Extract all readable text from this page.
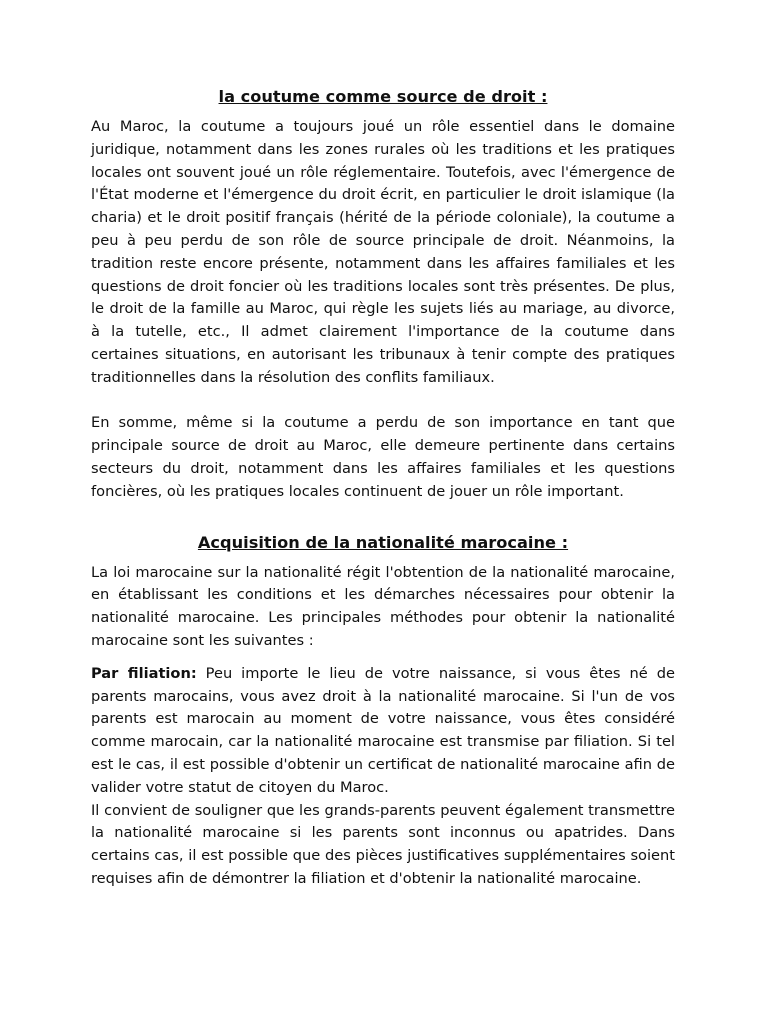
la coutume comme source de droit :

Au Maroc, la coutume a toujours joué un rôle essentiel dans le domaine juridique, notamment dans les zones rurales où les traditions et les pratiques locales ont souvent joué un rôle réglementaire. Toutefois, avec l'émergence de l'État moderne et l'émergence du droit écrit, en particulier le droit islamique (la charia) et le droit positif français (hérité de la période coloniale), la coutume a peu à peu perdu de son rôle de source principale de droit. Néanmoins, la tradition reste encore présente, notamment dans les affaires familiales et les questions de droit foncier où les traditions locales sont très présentes. De plus, le droit de la famille au Maroc, qui règle les sujets liés au mariage, au divorce, à la tutelle, etc., Il admet clairement l'importance de la coutume dans certaines situations, en autorisant les tribunaux à tenir compte des pratiques traditionnelles dans la résolution des conflits familiaux.

En somme, même si la coutume a perdu de son importance en tant que principale source de droit au Maroc, elle demeure pertinente dans certains secteurs du droit, notamment dans les affaires familiales et les questions foncières, où les pratiques locales continuent de jouer un rôle important.

Acquisition de la nationalité marocaine :

La loi marocaine sur la nationalité régit l'obtention de la nationalité marocaine, en établissant les conditions et les démarches nécessaires pour obtenir la nationalité marocaine. Les principales méthodes pour obtenir la nationalité marocaine sont les suivantes :

Par filiation: Peu importe le lieu de votre naissance, si vous êtes né de parents marocains, vous avez droit à la nationalité marocaine. Si l'un de vos parents est marocain au moment de votre naissance, vous êtes considéré comme marocain, car la nationalité marocaine est transmise par filiation. Si tel est le cas, il est possible d'obtenir un certificat de nationalité marocaine afin de valider votre statut de citoyen du Maroc.

Il convient de souligner que les grands-parents peuvent également transmettre la nationalité marocaine si les parents sont inconnus ou apatrides. Dans certains cas, il est possible que des pièces justificatives supplémentaires soient requises afin de démontrer la filiation et d'obtenir la nationalité marocaine.
